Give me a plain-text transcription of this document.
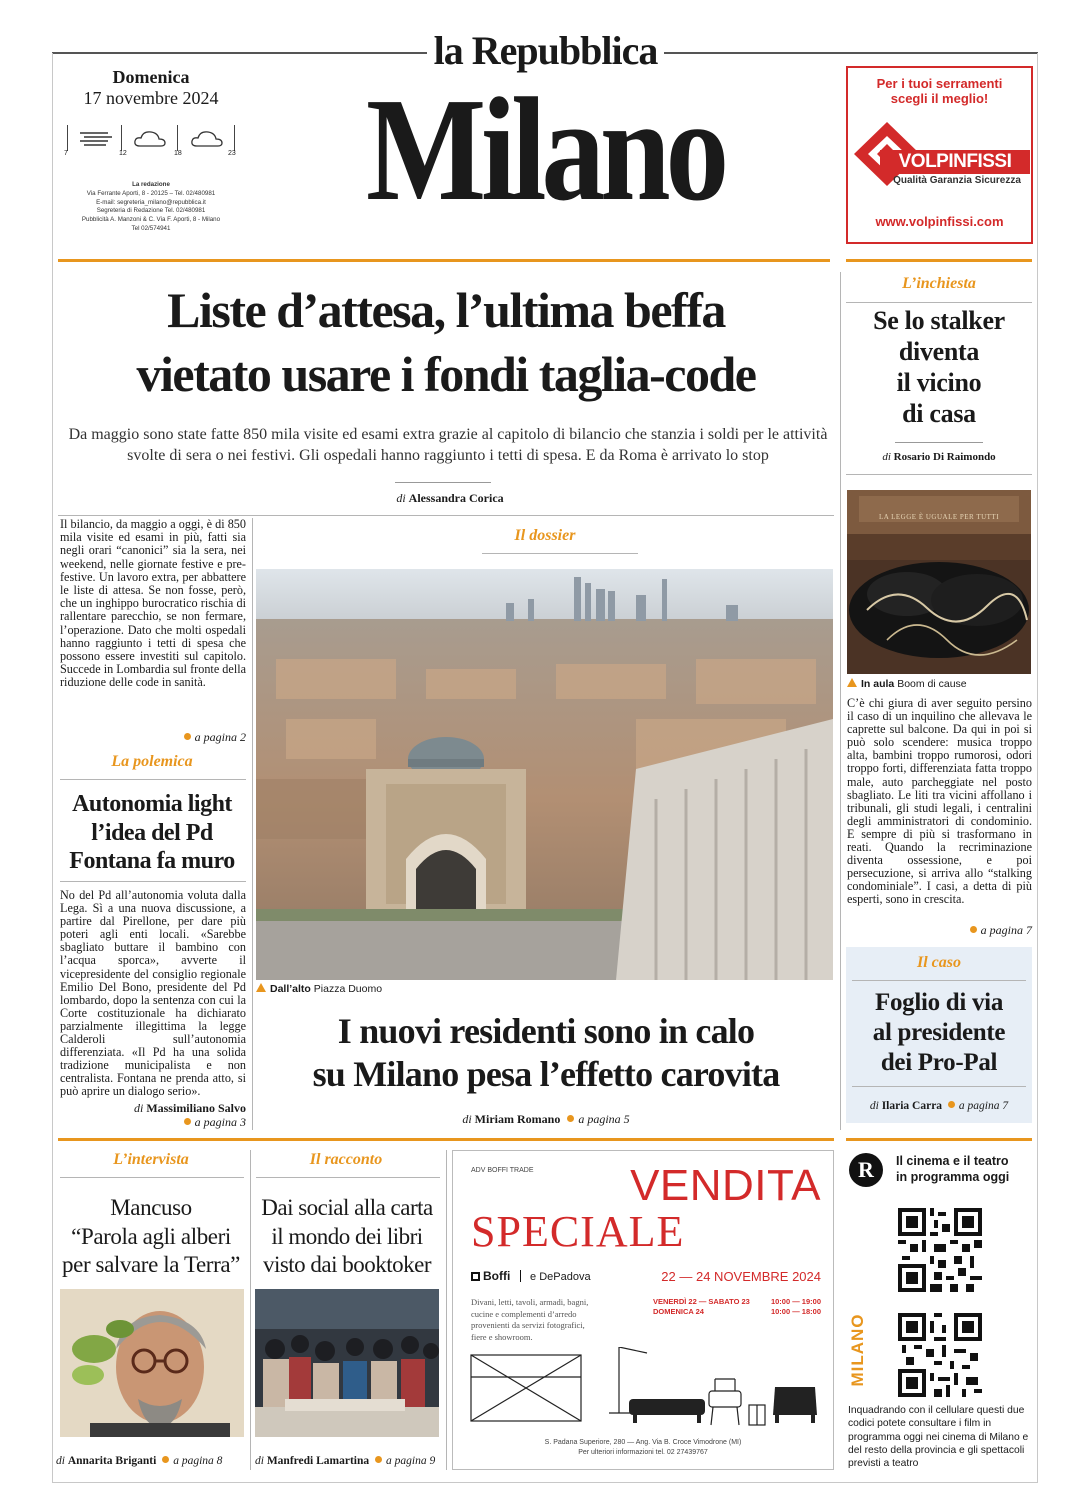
la Repubblica
Milano
Domenica
17 novembre 2024
7	12	18	23
La redazione
Via Ferrante Aporti, 8 - 20125 – Tel. 02/480981
E-mail: segreteria_milano@repubblica.it
Segreteria di Redazione Tel. 02/480981
Pubblicità A. Manzoni & C. Via F. Aporti, 8 - Milano
Tel 02/574941
Per i tuoi serramenti
scegli il meglio!
VOLPINFISSI
Qualità Garanzia Sicurezza
www.volpinfissi.com
Liste d’attesa, l’ultima beffa
vietato usare i fondi taglia-code
Da maggio sono state fatte 850 mila visite ed esami extra grazie al capitolo di bilancio che stanzia i soldi per le attività svolte di sera o nei festivi. Gli ospedali hanno raggiunto i tetti di spesa. E da Roma è arrivato lo stop
di Alessandra Corica
Il bilancio, da maggio a oggi, è di 850 mila visite ed esami in più, fatti sia negli orari “canonici” sia la sera, nei weekend, nelle giornate festive e pre-festive. Un lavoro extra, per abbattere le liste di attesa. Se non fosse, però, che un inghippo burocratico rischia di rallentare parecchio, se non fermare, l’operazione. Dato che molti ospedali hanno raggiunto i tetti di spesa che possono essere investiti sul capitolo. Succede in Lombardia sul fronte della riduzione delle code in sanità.
a pagina 2
La polemica
Autonomia light
l’idea del Pd
Fontana fa muro
No del Pd all’autonomia voluta dalla Lega. Sì a una nuova discussione, a partire dal Pirellone, per dare più poteri agli enti locali. «Sarebbe sbagliato buttare il bambino con l’acqua sporca», avverte il vicepresidente del consiglio regionale Emilio Del Bono, presidente del Pd lombardo, dopo la sentenza con cui la Corte costituzionale ha dichiarato parzialmente illegittima la legge Calderoli sull’autonomia differenziata. «Il Pd ha una solida tradizione municipalista e non centralista. Fontana ne prenda atto, si può aprire un dialogo serio».
di Massimiliano Salvo
a pagina 3
Il dossier
Dall’alto Piazza Duomo
I nuovi residenti sono in calo
su Milano pesa l’effetto carovita
di Miriam Romano a pagina 5
L’inchiesta
Se lo stalker
diventa
il vicino
di casa
di Rosario Di Raimondo
LA LEGGE È UGUALE PER TUTTI
In aula Boom di cause
C’è chi giura di aver seguito persino il caso di un inquilino che allevava le caprette sul balcone. Da qui in poi si può solo scendere: musica troppo alta, bambini troppo rumorosi, odori troppo forti, differenziata fatta troppo male, auto parcheggiate nel posto sbagliato. Le liti tra vicini affollano i tribunali, gli studi legali, i centralini degli amministratori di condominio. E sempre di più si trasformano in reati. Quando la recriminazione diventa ossessione, e poi persecuzione, si arriva allo “stalking condominiale”. I casi, a detta di più esperti, sono in crescita.
a pagina 7
Il caso
Foglio di via
al presidente
dei Pro-Pal
di Ilaria Carra a pagina 7
L’intervista
Mancuso
“Parola agli alberi
per salvare la Terra”
di Annarita Briganti a pagina 8
Il racconto
Dai social alla carta
il mondo dei libri
visto dai booktoker
di Manfredi Lamartina a pagina 9
ADV BOFFI TRADE	VENDITA
SPECIALE
Boffi e DePadova	22 — 24 NOVEMBRE 2024
Divani, letti, tavoli, armadi, bagni, cucine e complementi d’arredo provenienti da servizi fotografici, fiere e showroom.
VENERDÌ 22 — SABATO 23	10:00 — 19:00
DOMENICA 24	10:00 — 18:00
S. Padana Superiore, 280 — Ang. Via B. Croce Vimodrone (MI)
Per ulteriori informazioni tel. 02 27439767
R	Il cinema e il teatro
in programma oggi
MILANO
Inquadrando con il cellulare questi due codici potete consultare i film in programma oggi nei cinema di Milano e del resto della provincia e gli spettacoli previsti a teatro
